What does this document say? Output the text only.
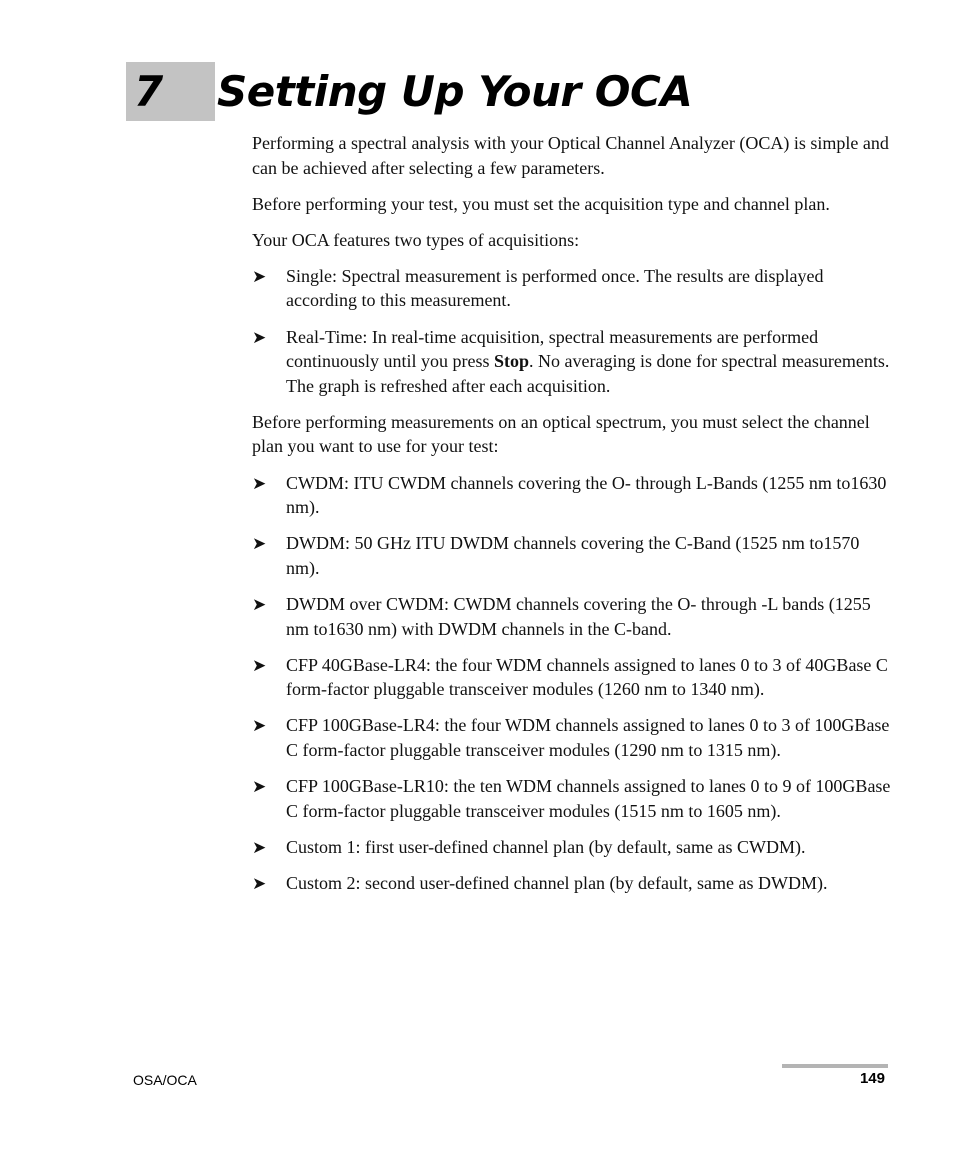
7 Setting Up Your OCA

Performing a spectral analysis with your Optical Channel Analyzer (OCA) is simple and can be achieved after selecting a few parameters.

Before performing your test, you must set the acquisition type and channel plan.

Your OCA features two types of acquisitions:

➤ Single: Spectral measurement is performed once. The results are displayed according to this measurement.
➤ Real-Time: In real-time acquisition, spectral measurements are performed continuously until you press Stop. No averaging is done for spectral measurements. The graph is refreshed after each acquisition.

Before performing measurements on an optical spectrum, you must select the channel plan you want to use for your test:

➤ CWDM: ITU CWDM channels covering the O- through L-Bands (1255 nm to1630 nm).
➤ DWDM: 50 GHz ITU DWDM channels covering the C-Band (1525 nm to1570 nm).
➤ DWDM over CWDM: CWDM channels covering the O- through -L bands (1255 nm to1630 nm) with DWDM channels in the C-band.
➤ CFP 40GBase-LR4: the four WDM channels assigned to lanes 0 to 3 of 40GBase C form-factor pluggable transceiver modules (1260 nm to 1340 nm).
➤ CFP 100GBase-LR4: the four WDM channels assigned to lanes 0 to 3 of 100GBase C form-factor pluggable transceiver modules (1290 nm to 1315 nm).
➤ CFP 100GBase-LR10: the ten WDM channels assigned to lanes 0 to 9 of 100GBase C form-factor pluggable transceiver modules (1515 nm to 1605 nm).
➤ Custom 1: first user-defined channel plan (by default, same as CWDM).
➤ Custom 2: second user-defined channel plan (by default, same as DWDM).
OSA/OCA	149
